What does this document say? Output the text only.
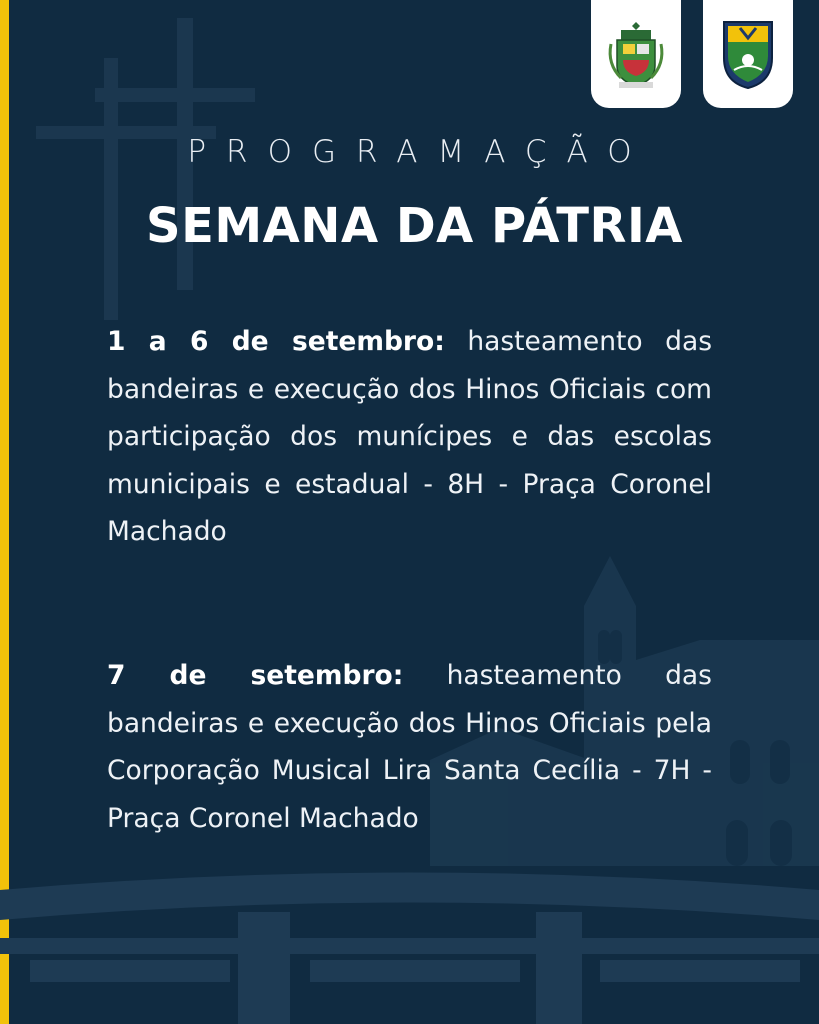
PROGRAMAÇÃO
SEMANA DA PÁTRIA
1 a 6 de setembro: hasteamento das bandeiras e execução dos Hinos Oficiais com participação dos munícipes e das escolas municipais e estadual - 8H - Praça Coronel Machado
7 de setembro: hasteamento das bandeiras e execução dos Hinos Oficiais pela Corporação Musical Lira Santa Cecília - 7H - Praça Coronel Machado
